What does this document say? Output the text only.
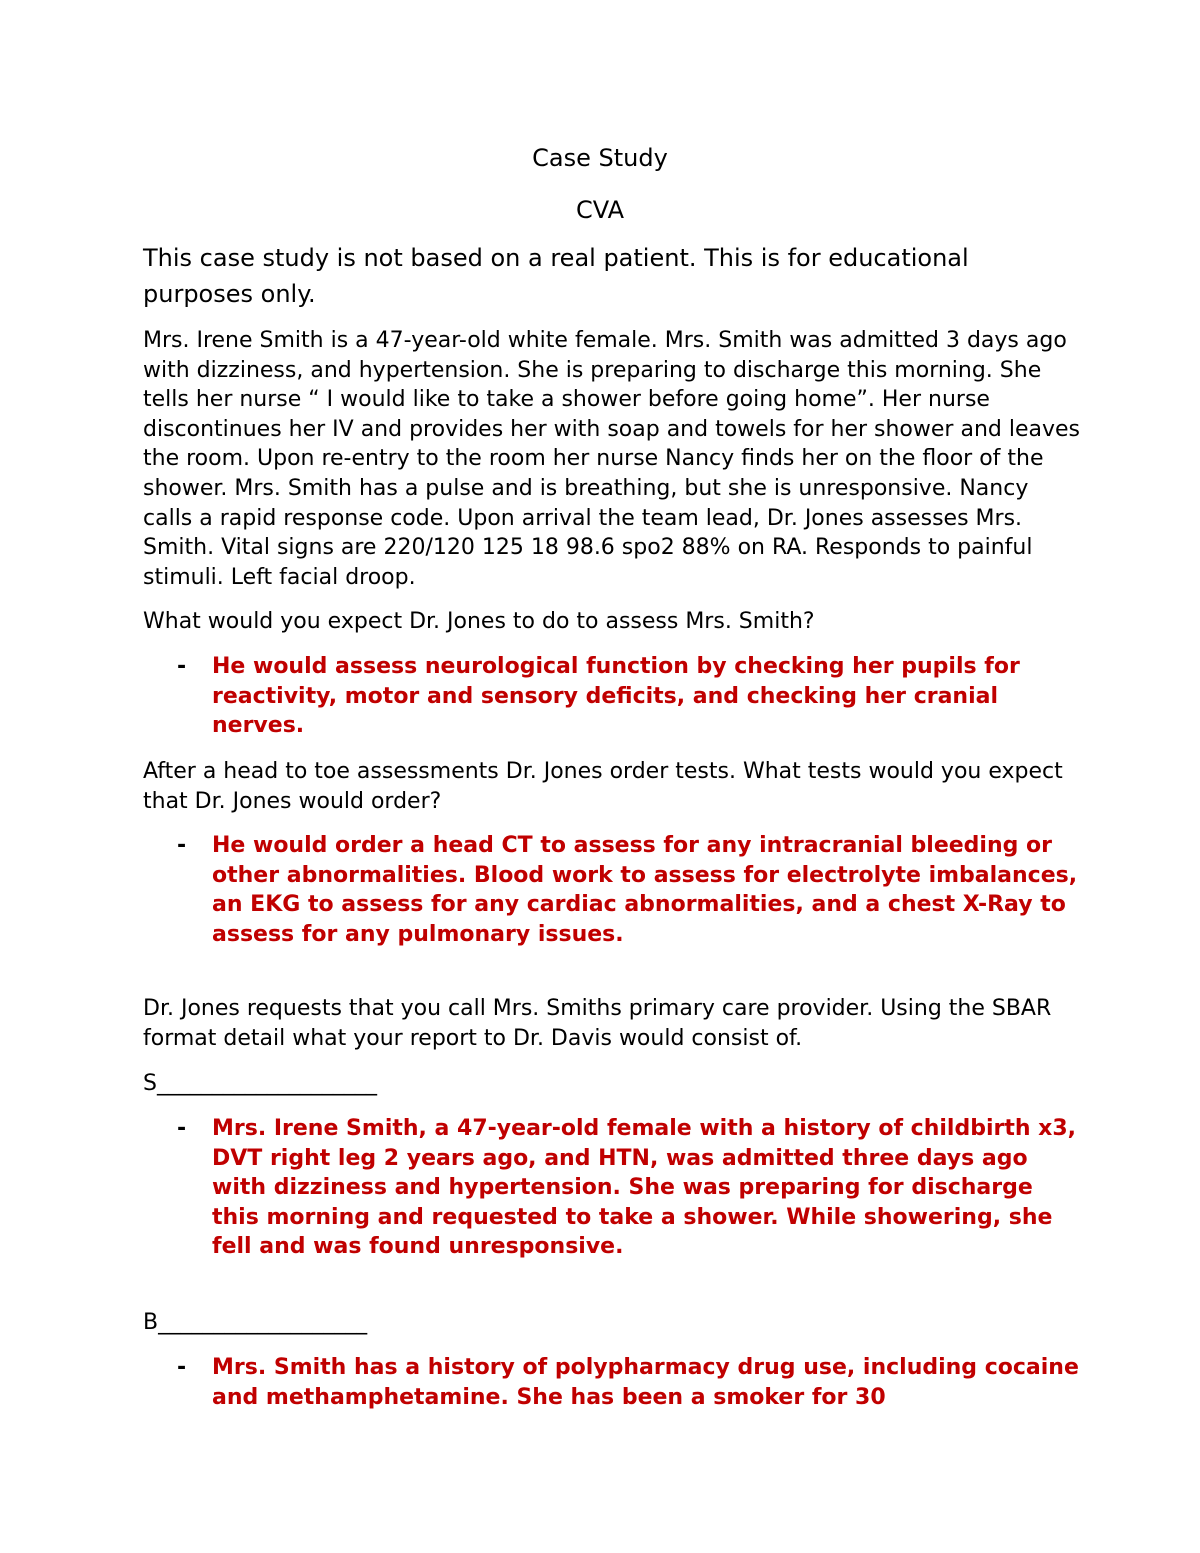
Case Study

CVA

This case study is not based on a real patient. This is for educational purposes only.

Mrs. Irene Smith is a 47-year-old white female. Mrs. Smith was admitted 3 days ago with dizziness, and hypertension. She is preparing to discharge this morning. She tells her nurse “ I would like to take a shower before going home”. Her nurse discontinues her IV and provides her with soap and towels for her shower and leaves the room. Upon re-entry to the room her nurse Nancy finds her on the floor of the shower. Mrs. Smith has a pulse and is breathing, but she is unresponsive. Nancy calls a rapid response code. Upon arrival the team lead, Dr. Jones assesses Mrs. Smith. Vital signs are 220/120 125 18 98.6 spo2 88% on RA. Responds to painful stimuli. Left facial droop.

What would you expect Dr. Jones to do to assess Mrs. Smith?

-	He would assess neurological function by checking her pupils for reactivity, motor and sensory deficits, and checking her cranial nerves.

After a head to toe assessments Dr. Jones order tests. What tests would you expect that Dr. Jones would order?

-	He would order a head CT to assess for any intracranial bleeding or other abnormalities. Blood work to assess for electrolyte imbalances, an EKG to assess for any cardiac abnormalities, and a chest X-Ray to assess for any pulmonary issues.

Dr. Jones requests that you call Mrs. Smiths primary care provider. Using the SBAR format detail what your report to Dr. Davis would consist of.

S____________________

-	Mrs. Irene Smith, a 47-year-old female with a history of childbirth x3, DVT right leg 2 years ago, and HTN, was admitted three days ago with dizziness and hypertension. She was preparing for discharge this morning and requested to take a shower. While showering, she fell and was found unresponsive.

B___________________

-	Mrs. Smith has a history of polypharmacy drug use, including cocaine and methamphetamine. She has been a smoker for 30
